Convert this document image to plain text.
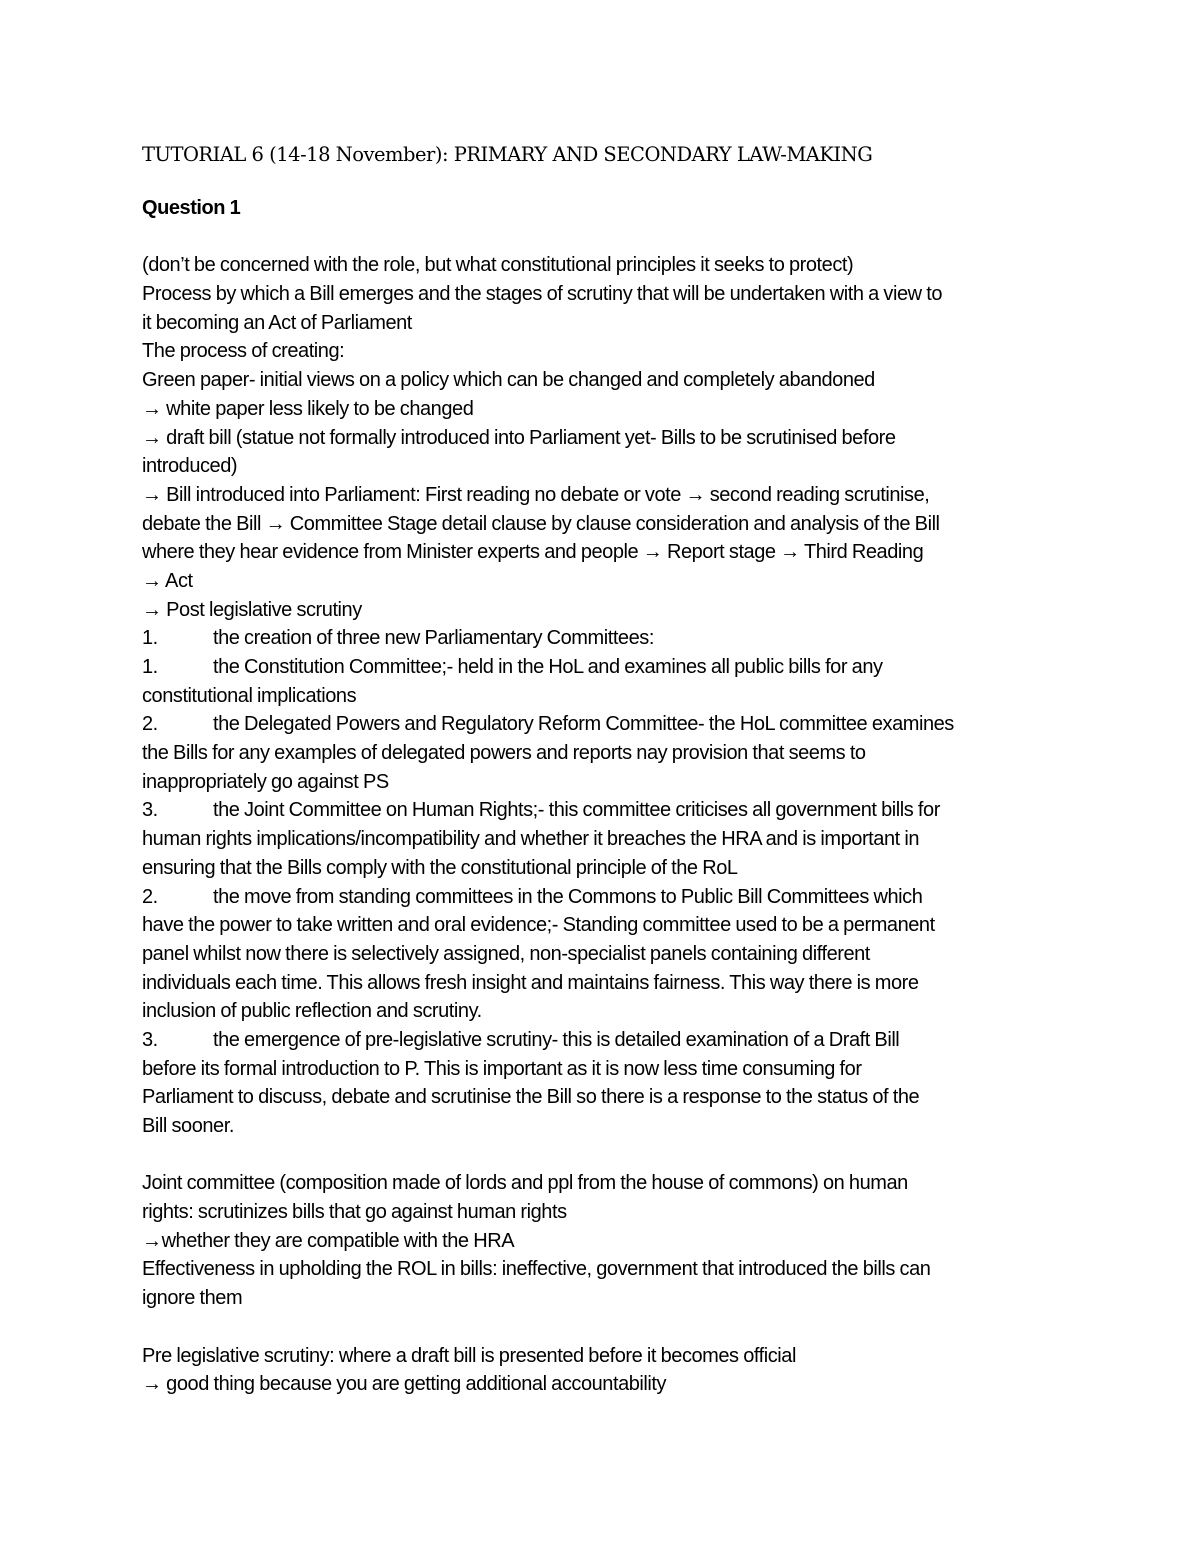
TUTORIAL 6 (14-18 November): PRIMARY AND SECONDARY LAW-MAKING

Question 1

(don’t be concerned with the role, but what constitutional principles it seeks to protect)

Process by which a Bill emerges and the stages of scrutiny that will be undertaken with a view to

it becoming an Act of Parliament

The process of creating:

Green paper- initial views on a policy which can be changed and completely abandoned

→ white paper less likely to be changed

→ draft bill (statue not formally introduced into Parliament yet- Bills to be scrutinised before

introduced)

→ Bill introduced into Parliament: First reading no debate or vote → second reading scrutinise,

debate the Bill → Committee Stage detail clause by clause consideration and analysis of the Bill

where they hear evidence from Minister experts and people → Report stage → Third Reading

→ Act

→ Post legislative scrutiny

1.	the creation of three new Parliamentary Committees:

1.	the Constitution Committee;- held in the HoL and examines all public bills for any

constitutional implications

2.	the Delegated Powers and Regulatory Reform Committee- the HoL committee examines

the Bills for any examples of delegated powers and reports nay provision that seems to

inappropriately go against PS

3.	the Joint Committee on Human Rights;- this committee criticises all government bills for

human rights implications/incompatibility and whether it breaches the HRA and is important in

ensuring that the Bills comply with the constitutional principle of the RoL

2.	the move from standing committees in the Commons to Public Bill Committees which

have the power to take written and oral evidence;- Standing committee used to be a permanent

panel whilst now there is selectively assigned, non-specialist panels containing different

individuals each time. This allows fresh insight and maintains fairness. This way there is more

inclusion of public reflection and scrutiny.

3.	the emergence of pre-legislative scrutiny- this is detailed examination of a Draft Bill

before its formal introduction to P. This is important as it is now less time consuming for

Parliament to discuss, debate and scrutinise the Bill so there is a response to the status of the

Bill sooner.

Joint committee (composition made of lords and ppl from the house of commons) on human

rights: scrutinizes bills that go against human rights

→whether they are compatible with the HRA

Effectiveness in upholding the ROL in bills: ineffective, government that introduced the bills can

ignore them

Pre legislative scrutiny: where a draft bill is presented before it becomes official

→ good thing because you are getting additional accountability
